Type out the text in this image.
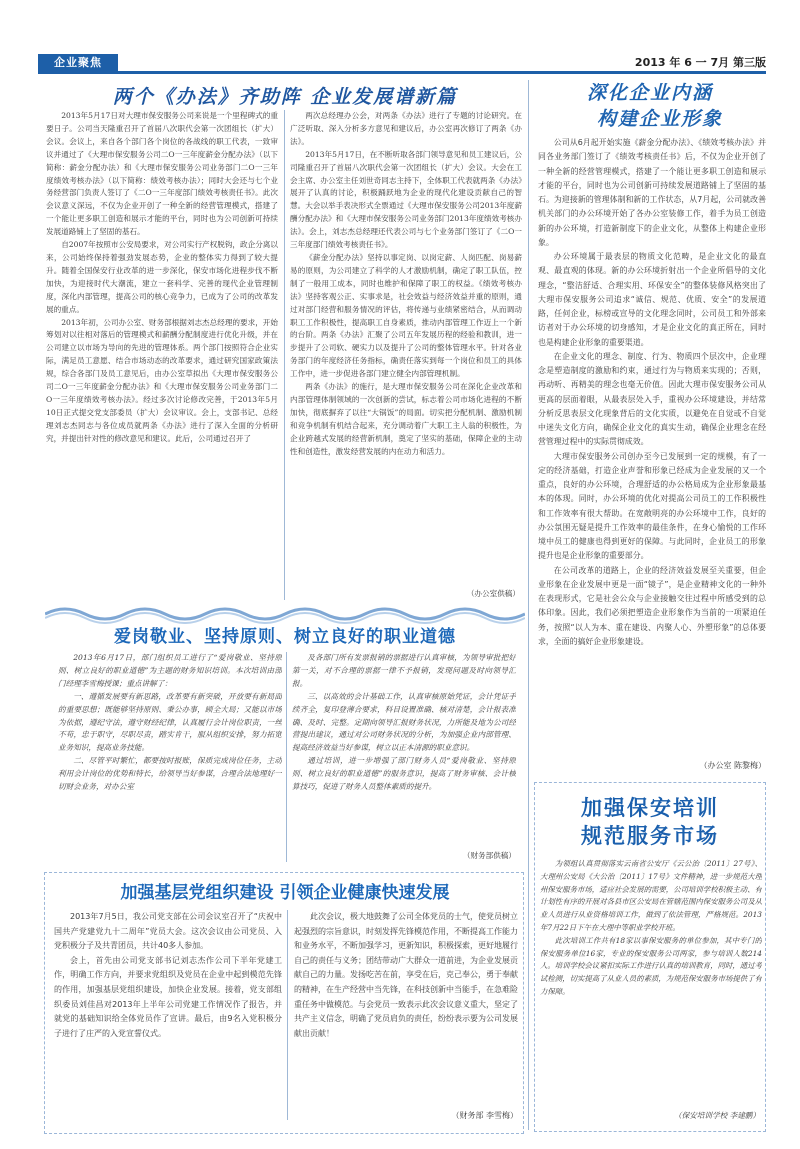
企业聚焦	2013 年 6 一 7月 第三版
两个《办法》齐助阵 企业发展谱新篇

2013年5月17日对大理市保安服务公司来说是一个里程碑式的重要日子。公司当天隆重召开了首届八次职代会第一次团组长（扩大）会议。会议上，来自各个部门各个岗位的各战线的职工代表，一致审议并通过了《大理市保安服务公司二O一三年度薪金分配办法》（以下简称：薪金分配办法）和《大理市保安服务公司业务部门二O一三年度绩效考核办法》（以下简称：绩效考核办法）；同时大会还与七个业务经营部门负责人签订了《二O一三年度部门绩效考核责任书》。此次会议意义深远，不仅为企业开创了一种全新的经营管理模式，搭建了一个能让更多职工创造和展示才能的平台，同时也为公司创新可持续发展道路铺上了坚固的基石。

自2007年按照市公安局要求，对公司实行产权脱钩，政企分离以来，公司始终保持着强劲发展态势，企业的整体实力得到了较大提升。随着全国保安行业改革的进一步深化，保安市场化进程步伐不断加快，为迎接时代大潮流，建立一套科学、完善的现代企业管理制度，深化内部管理，提高公司的核心竞争力，已成为了公司的改革发展的重点。

2013年初，公司办公室、财务部根据刘志杰总经理的要求，开始筹划对以往相对落后的管理模式和薪酬分配制度进行优化升级，并在公司建立以市场为导向的先进的管理体系。两个部门按照符合企业实际，满足员工意愿、结合市场动态的改革要求，通过研究国家政策法规，综合各部门及员工意见后，由办公室草拟出《大理市保安服务公司二O一三年度薪金分配办法》和《大理市保安服务公司业务部门二O一三年度绩效考核办法》。经过多次讨论修改完善，于2013年5月10日正式提交党支部委员（扩大）会议审议。会上，支部书记、总经理刘志杰同志与各位成员就两条《办法》进行了深入全面的分析研究，并提出针对性的修改意见和建议。此后，公司通过召开了

两次总经理办公会，对两条《办法》进行了专题的讨论研究。在广泛听取、深入分析多方意见和建议后，办公室再次修订了两条《办法》。

2013年5月17日，在不断听取各部门领导意见和员工建议后，公司隆重召开了首届八次职代会第一次团组长（扩大）会议。大会在工会主席、办公室主任刘世奇同志主持下，全体职工代表就两条《办法》展开了认真的讨论，积极踊跃地为企业的现代化建设贡献自己的智慧。大会以举手表决形式全票通过《大理市保安服务公司2013年度薪酬分配办法》和《大理市保安服务公司业务部门2013年度绩效考核办法》。会上，刘志杰总经理还代表公司与七个业务部门签订了《二O一三年度部门绩效考核责任书》。

《薪金分配办法》坚持以事定岗、以岗定薪、人岗匹配、岗易薪易的原则，为公司建立了科学的人才激励机制，确定了职工队伍，控制了一般用工成本，同时也维护和保障了职工的权益。《绩效考核办法》坚持客观公正、实事求是，社会效益与经济效益并重的原则，通过对部门经营和服务情况的评估，将传递与业绩紧密结合，从而调动职工工作积极性，提高职工自身素质，推动内部管理工作迈上一个新的台阶。两条《办法》汇聚了公司五年发展历程的经验和教训，进一步提升了公司软、硬实力以及提升了公司的整体管理水平。针对各业务部门的年度经济任务指标，确责任落实到每一个岗位和员工的具体工作中，进一步促进各部门建立健全内部管理机制。

两条《办法》的施行，是大理市保安服务公司在深化企业改革和内部管理体制领域的一次创新的尝试，标志着公司市场化进程的不断加快，彻底摒弃了以往“大锅饭”的局面。切实把分配机制、激励机制和竞争机制有机结合起来，充分调动着广大职工主人翁的积极性，为企业跨越式发展的经营新机制，奠定了坚实的基础，保障企业的主动性和创造性，激发经营发展的内在动力和活力。

（办公室供稿）
爱岗敬业、坚持原则、树立良好的职业道德

2013年6月17日，部门组织员工进行了“爱岗敬业、坚持原则、树立良好的职业道德”为主题的财务知识培训。本次培训由部门经理李雪梅授课；重点讲解了：

一、遵循发展要有新思路，改革要有新突破，开放要有新局面的重要思想；既能够坚持原则、秉公办事，顾全大局；又能以市场为依据，遵纪守法，遵守财经纪律，认真履行会计岗位职责，一丝不苟，忠于职守，尽职尽责，踏实肯干，服从组织安排，努力拓宽业务知识，提高业务技能。

二、尽管平时繁忙，都要按时报账，保质完成岗位任务，主动利用会计岗位的优势和特长，给领导当好参谋，合理合法地理好一切财会业务，对办公室

及各部门所有发票报销的票据进行认真审核，为领导审批把好第一关，对不合理的票据一律不予报销，发现问题及时向领导汇报。

三、以高效的会计基础工作，认真审核原始凭证，会计凭证手续齐全，复印登薄合要求，科目设置准确、核对清楚，会计报表准确、及时、完整。定期向领导汇报财务状况，力所能及地为公司经营提出建议，通过对公司财务状况的分析，为加强企业内部管理、提高经济效益当好参谋，树立以正本清源的职业意识。

通过培训，进一步增强了部门财务人员“爱岗敬业、坚持原则、树立良好的职业道德”的服务意识，提高了财务审核、会计核算技巧，促进了财务人员整体素质的提升。

（财务部供稿）
加强基层党组织建设 引领企业健康快速发展

2013年7月5日，我公司党支部在公司会议室召开了“庆祝中国共产党建党九十二周年”党员大会。这次会议由公司党员、入党积极分子及共青团员，共计40多人参加。

会上，首先由公司党支部书记刘志杰作公司下半年党建工作，明确工作方向，并要求党组织及党员在企业中起到模范先锋的作用，加强基层党组织建设，加快企业发展。接着，党支部组织委员刘佳昌对2013年上半年公司党建工作情况作了报告，并就党的基础知识给全体党员作了宣讲。最后，由9名入党积极分子进行了庄严的入党宣誓仪式。

此次会议，极大地鼓舞了公司全体党员的士气，使党员树立起强烈的宗旨意识，时刻发挥先锋模范作用，不断提高工作能力和业务水平，不断加强学习，更新知识，积极探索，更好地履行自己的责任与义务；团结带动广大群众一道前进，为企业发展贡献自己的力量。发扬吃苦在前，享受在后，克己奉公，勇于奉献的精神，在生产经营中当先锋，在科技创新中当能手，在急难险重任务中做模范。与会党员一致表示此次会议意义重大，坚定了共产主义信念，明确了党员肩负的责任，纷纷表示要为公司发展献出贡献！

（财务部 李雪梅）
深化企业内涵
构建企业形象

公司从6月起开始实施《薪金分配办法》、《绩效考核办法》并同各业务部门签订了《绩效考核责任书》后，不仅为企业开创了一种全新的经营管理模式，搭建了一个能让更多职工创造和展示才能的平台，同时也为公司创新可持续发展道路铺上了坚固的基石。为迎接新的管理体制和新的工作状态，从7月起，公司就改善机关部门的办公环境开始了各办公室装修工作，着手为员工创造新的办公环境，打造新制度下的企业文化，从整体上构建企业形象。

办公环境属于最表层的物质文化范畴，是企业文化的最直观、最直观的体现。新的办公环境折射出一个企业所倡导的文化理念，“整洁舒适、合理实用、环保安全”的整体装修风格突出了大理市保安服务公司追求“诚信、规范、优质、安全”的发展道路，任何企业，标榜或宣导的文化理念同时，公司员工和外部来访者对于办公环境的切身感知，才是企业文化的真正所在，同时也是构建企业形象的重要渠道。

在企业文化的理念、制度、行为、物质四个层次中，企业理念是塑造制度的激励和约束，通过行为与物质来实现的；否则，再动听、再精美的理念也毫无价值。因此大理市保安服务公司从更高的层面着眼，从最表层处入手，重视办公环境建设，并结常分析反思表层文化现象背后的文化实质，以避免在自觉或不自觉中迷失文化方向，确保企业文化的真实生动，确保企业理念在经营管理过程中的实际贯彻成效。

大理市保安服务公司创办至今已发展到一定的规模，有了一定的经济基础，打造企业声誉和形象已经成为企业发展的又一个重点，良好的办公环境，合理舒适的办公格局成为企业形象最基本的体现。同时，办公环境的优化对提高公司员工的工作积极性和工作效率有很大帮助。在宽敞明亮的办公环境中工作，良好的办公氛围无疑是提升工作效率的最佳条件，在身心愉悦的工作环境中员工的健康也得到更好的保障。与此同时，企业员工的形象提升也是企业形象的重要部分。

在公司改革的道路上，企业的经济效益发展至关重要，但企业形象在企业发展中更是一面“镜子”，是企业精神文化的一种外在表现形式，它是社会公众与企业接触交往过程中所感受到的总体印象。因此，我们必须把塑造企业形象作为当前的一项紧迫任务，按照“以人为本、重在建设、内聚人心、外塑形象”的总体要求，全面的搞好企业形象建设。

（办公室 陈黎梅）
加强保安培训
规范服务市场

为领组认真贯彻落实云南省公安厅《云公治〔2011〕27号》、大理州公安局《大公治〔2011〕17号》文件精神，进一步规范大理州保安服务市场，适应社会发展的需要，公司培训学校积极主动、有计划性有序的开展对各县市区公安局在管辖范围内保安服务公司及从业人员进行从业资格培训工作，做到了依法管理，严格规范。2013年7月22日下午在大理中等职业学校开班。

此次培训工作共有18家以事保安服务的单位参加，其中专门的保安服务单位16家，专业的保安服务公司两家，参与培训人数214人。培训学校会议紧扣实际工作进行认真的培训教育，同时，通过考试检测，切实提高了从业人员的素质，为规范保安服务市场提供了有力保障。

（保安培训学校 李建鹏）
